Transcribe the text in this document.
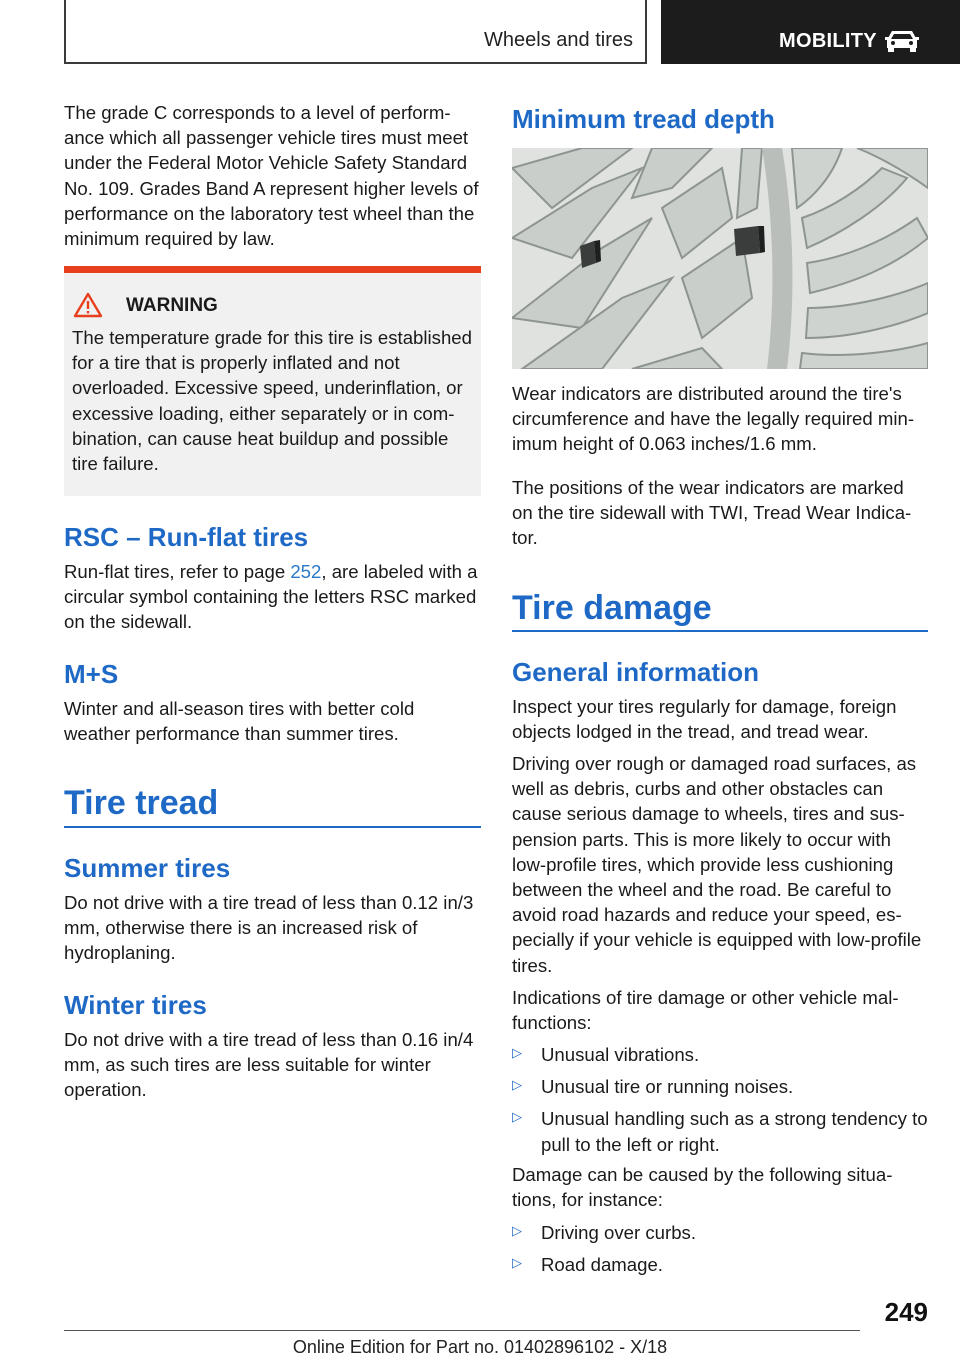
Wheels and tires	MOBILITY

The grade C corresponds to a level of performance which all passenger vehicle tires must meet under the Federal Motor Vehicle Safety Standard No. 109. Grades Band A represent higher levels of performance on the laboratory test wheel than the minimum required by law.

WARNING

The temperature grade for this tire is established for a tire that is properly inflated and not overloaded. Excessive speed, underinflation, or excessive loading, either separately or in combination, can cause heat buildup and possible tire failure.

RSC – Run-flat tires

Run-flat tires, refer to page 252, are labeled with a circular symbol containing the letters RSC marked on the sidewall.

M+S

Winter and all-season tires with better cold weather performance than summer tires.

Tire tread
Summer tires

Do not drive with a tire tread of less than 0.12 in/3 mm, otherwise there is an increased risk of hydroplaning.

Winter tires

Do not drive with a tire tread of less than 0.16 in/4 mm, as such tires are less suitable for winter operation.

Minimum tread depth

Wear indicators are distributed around the tire's circumference and have the legally required minimum height of 0.063 inches/1.6 mm.

The positions of the wear indicators are marked on the tire sidewall with TWI, Tread Wear Indicator.

Tire damage
General information

Inspect your tires regularly for damage, foreign objects lodged in the tread, and tread wear.

Driving over rough or damaged road surfaces, as well as debris, curbs and other obstacles can cause serious damage to wheels, tires and suspension parts. This is more likely to occur with low-profile tires, which provide less cushioning between the wheel and the road. Be careful to avoid road hazards and reduce your speed, especially if your vehicle is equipped with low-profile tires.

Indications of tire damage or other vehicle malfunctions:

▷ Unusual vibrations.

▷ Unusual tire or running noises.

▷ Unusual handling such as a strong tendency to pull to the left or right.

Damage can be caused by the following situations, for instance:

▷ Driving over curbs.

▷ Road damage.

249
Online Edition for Part no. 01402896102 - X/18
